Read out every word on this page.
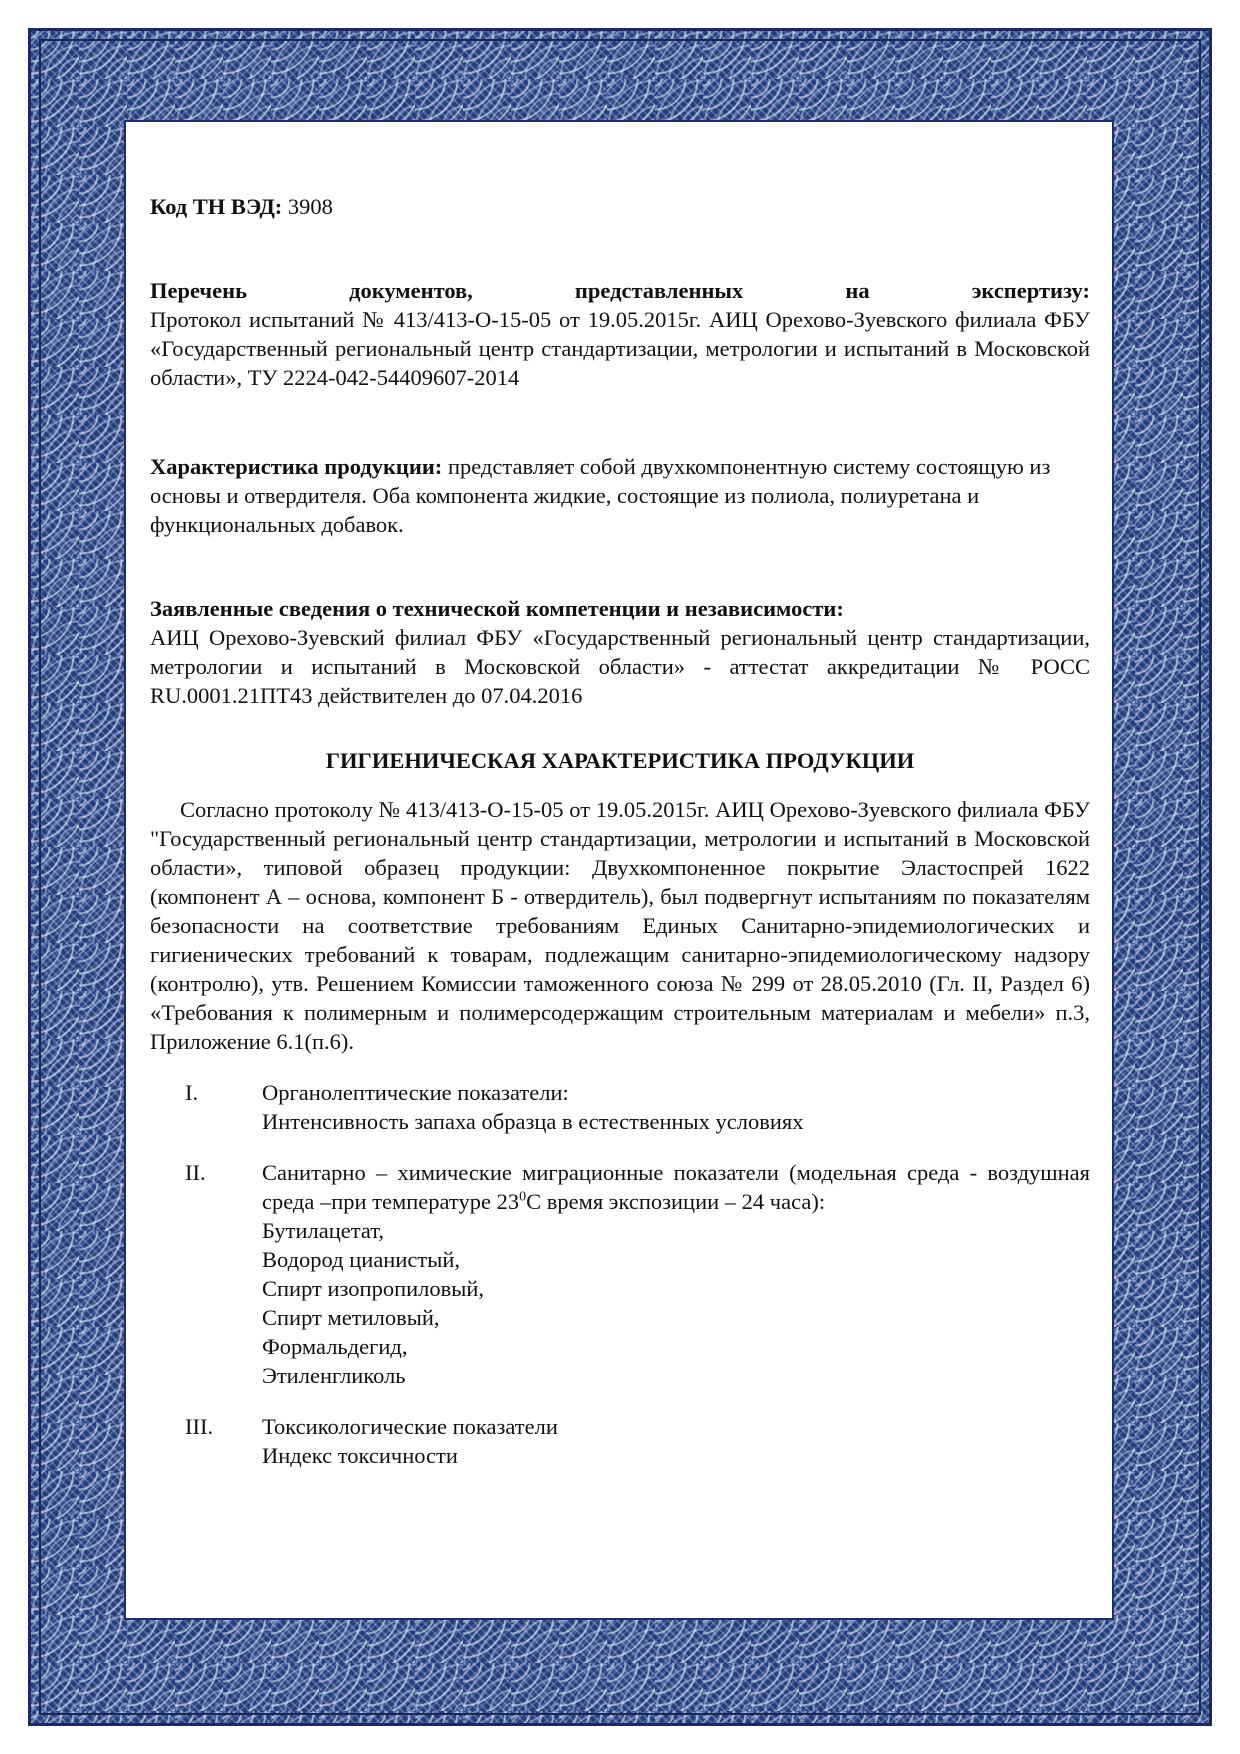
Код ТН ВЭД: 3908

Перечень	документов,	представленных	на	экспертизу:

Протокол испытаний № 413/413-О-15-05 от 19.05.2015г. АИЦ Орехово-Зуевского филиала ФБУ «Государственный региональный центр стандартизации, метрологии и испытаний в Московской области», ТУ 2224-042-54409607-2014

Характеристика продукции: представляет собой двухкомпонентную систему состоящую из основы и отвердителя. Оба компонента жидкие, состоящие из полиола, полиуретана и функциональных добавок.

Заявленные сведения о технической компетенции и независимости:

АИЦ Орехово-Зуевский филиал ФБУ «Государственный региональный центр стандартизации, метрологии и испытаний в Московской области» - аттестат аккредитации № РОСС RU.0001.21ПТ43 действителен до 07.04.2016

ГИГИЕНИЧЕСКАЯ ХАРАКТЕРИСТИКА ПРОДУКЦИИ

Согласно протоколу № 413/413-О-15-05 от 19.05.2015г. АИЦ Орехово-Зуевского филиала ФБУ "Государственный региональный центр стандартизации, метрологии и испытаний в Московской области», типовой образец продукции: Двухкомпоненное покрытие Эластоспрей 1622 (компонент А – основа, компонент Б - отвердитель), был подвергнут испытаниям по показателям безопасности на соответствие требованиям Единых Санитарно-эпидемиологических и гигиенических требований к товарам, подлежащим санитарно-эпидемиологическому надзору (контролю), утв. Решением Комиссии таможенного союза № 299 от 28.05.2010 (Гл. II, Раздел 6) «Требования к полимерным и полимерсодержащим строительным материалам и мебели» п.3, Приложение 6.1(п.6).

I.	Органолептические показатели:
Интенсивность запаха образца в естественных условиях
II.	Санитарно – химические миграционные показатели (модельная среда - воздушная среда –при температуре $23^0С$ время экспозиции – 24 часа):
Бутилацетат,
Водород цианистый,
Спирт изопропиловый,
Спирт метиловый,
Формальдегид,
Этиленгликоль
III.	Токсикологические показатели
Индекс токсичности
